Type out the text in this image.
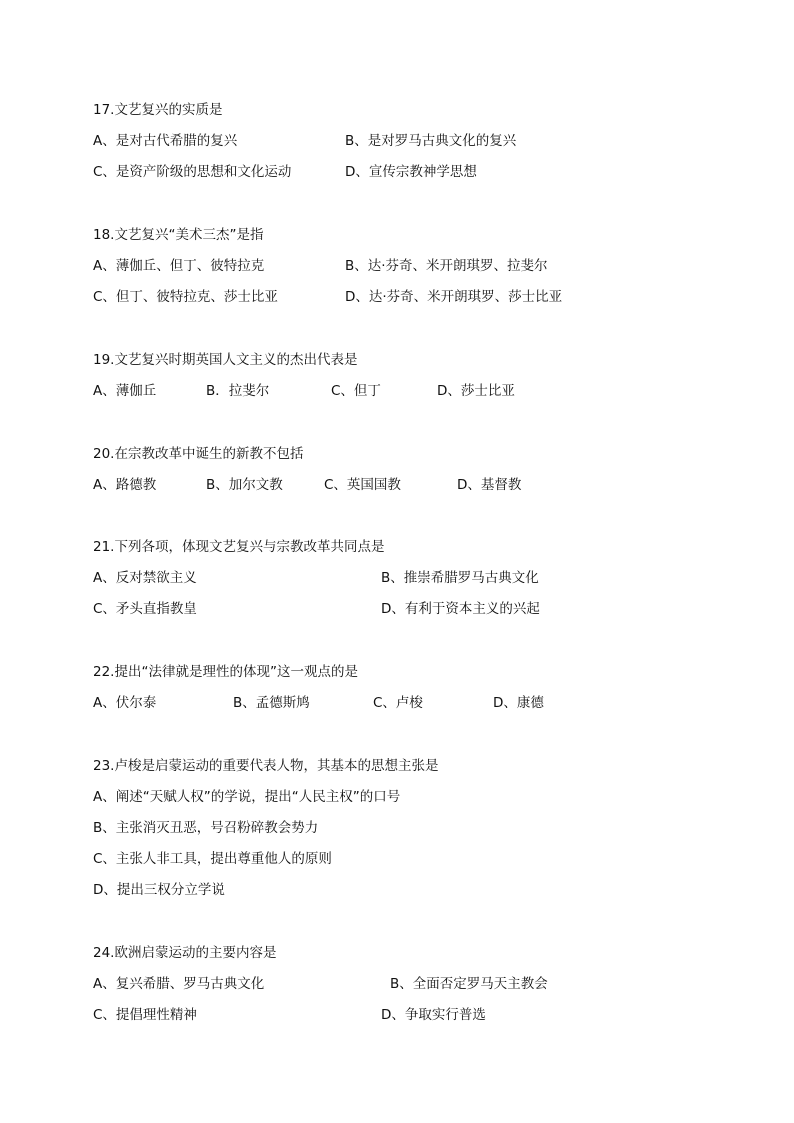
17.文艺复兴的实质是
A、是对古代希腊的复兴	B、是对罗马古典文化的复兴
C、是资产阶级的思想和文化运动	D、宣传宗教神学思想
18.文艺复兴“美术三杰”是指
A、薄伽丘、但丁、彼特拉克	B、达·芬奇、米开朗琪罗、拉斐尔
C、但丁、彼特拉克、莎士比亚	D、达·芬奇、米开朗琪罗、莎士比亚
19.文艺复兴时期英国人文主义的杰出代表是
A、薄伽丘	B．拉斐尔	C、但丁	D、莎士比亚
20.在宗教改革中诞生的新教不包括
A、路德教	B、加尔文教	C、英国国教	D、基督教
21.下列各项，体现文艺复兴与宗教改革共同点是
A、反对禁欲主义	B、推崇希腊罗马古典文化
C、矛头直指教皇	D、有利于资本主义的兴起
22.提出“法律就是理性的体现”这一观点的是
A、伏尔泰	B、孟德斯鸠	C、卢梭	D、康德
23.卢梭是启蒙运动的重要代表人物，其基本的思想主张是
A、阐述“天赋人权”的学说，提出“人民主权”的口号
B、主张消灭丑恶，号召粉碎教会势力
C、主张人非工具，提出尊重他人的原则
D、提出三权分立学说
24.欧洲启蒙运动的主要内容是
A、复兴希腊、罗马古典文化	B、全面否定罗马天主教会
C、提倡理性精神	D、争取实行普选
